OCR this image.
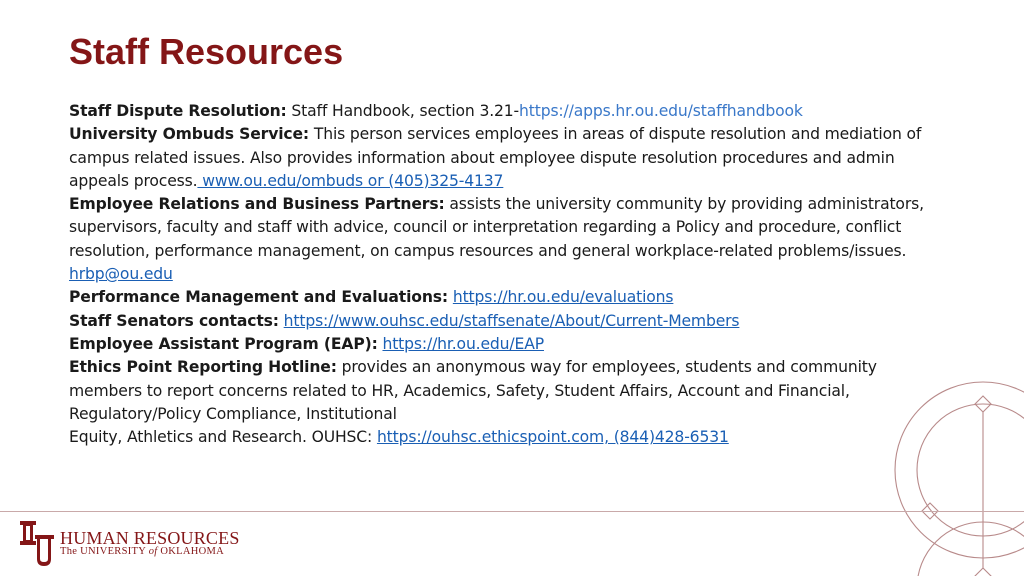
Staff Resources

Staff Dispute Resolution: Staff Handbook, section 3.21-https://apps.hr.ou.edu/staffhandbook

University Ombuds Service: This person services employees in areas of dispute resolution and mediation of campus related issues. Also provides information about employee dispute resolution procedures and admin appeals process. www.ou.edu/ombuds or (405)325-4137

Employee Relations and Business Partners: assists the university community by providing administrators, supervisors, faculty and staff with advice, council or interpretation regarding a Policy and procedure, conflict resolution, performance management, on campus resources and general workplace-related problems/issues.
hrbp@ou.edu

Performance Management and Evaluations: https://hr.ou.edu/evaluations

Staff Senators contacts: https://www.ouhsc.edu/staffsenate/About/Current-Members

Employee Assistant Program (EAP): https://hr.ou.edu/EAP

Ethics Point Reporting Hotline: provides an anonymous way for employees, students and community members to report concerns related to HR, Academics, Safety, Student Affairs, Account and Financial, Regulatory/Policy Compliance, Institutional
Equity, Athletics and Research. OUHSC: https://ouhsc.ethicspoint.com, (844)428-6531

HUMAN RESOURCES
The UNIVERSITY of OKLAHOMA
